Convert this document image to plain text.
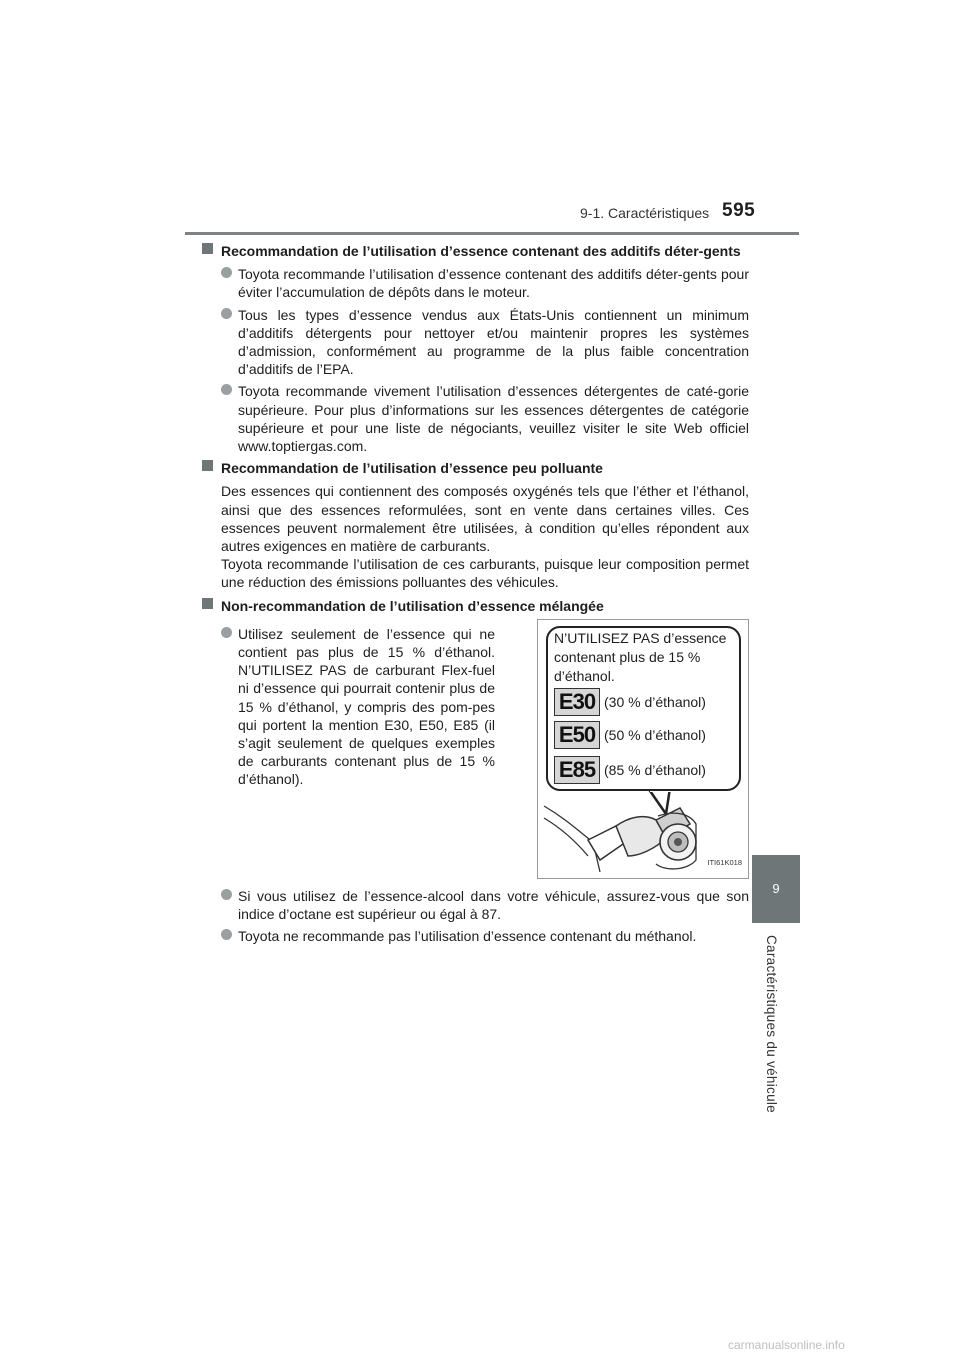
9-1. Caractéristiques 595
9
Caractéristiques du véhicule
Recommandation de l’utilisation d’essence contenant des additifs déter-gents
Toyota recommande l’utilisation d’essence contenant des additifs déter-gents pour éviter l’accumulation de dépôts dans le moteur.
Tous les types d’essence vendus aux États-Unis contiennent un minimum d’additifs détergents pour nettoyer et/ou maintenir propres les systèmes d’admission, conformément au programme de la plus faible concentration d’additifs de l’EPA.
Toyota recommande vivement l’utilisation d’essences détergentes de caté-gorie supérieure. Pour plus d’informations sur les essences détergentes de catégorie supérieure et pour une liste de négociants, veuillez visiter le site Web officiel www.toptiergas.com.
Recommandation de l’utilisation d’essence peu polluante
Des essences qui contiennent des composés oxygénés tels que l’éther et l’éthanol, ainsi que des essences reformulées, sont en vente dans certaines villes. Ces essences peuvent normalement être utilisées, à condition qu’elles répondent aux autres exigences en matière de carburants.
Toyota recommande l’utilisation de ces carburants, puisque leur composition permet une réduction des émissions polluantes des véhicules.
Non-recommandation de l’utilisation d’essence mélangée
Utilisez seulement de l’essence qui ne contient pas plus de 15 % d’éthanol. N’UTILISEZ PAS de carburant Flex-fuel ni d’essence qui pourrait contenir plus de 15 % d’éthanol, y compris des pom-pes qui portent la mention E30, E50, E85 (il s’agit seulement de quelques exemples de carburants contenant plus de 15 % d’éthanol).
N’UTILISEZ PAS d’essence contenant plus de 15 % d’éthanol.
E30 (30 % d’éthanol)
E50 (50 % d’éthanol)
E85 (85 % d’éthanol)
ITI61K018
Si vous utilisez de l’essence-alcool dans votre véhicule, assurez-vous que son indice d’octane est supérieur ou égal à 87.
Toyota ne recommande pas l’utilisation d’essence contenant du méthanol.
carmanualsonline.info
